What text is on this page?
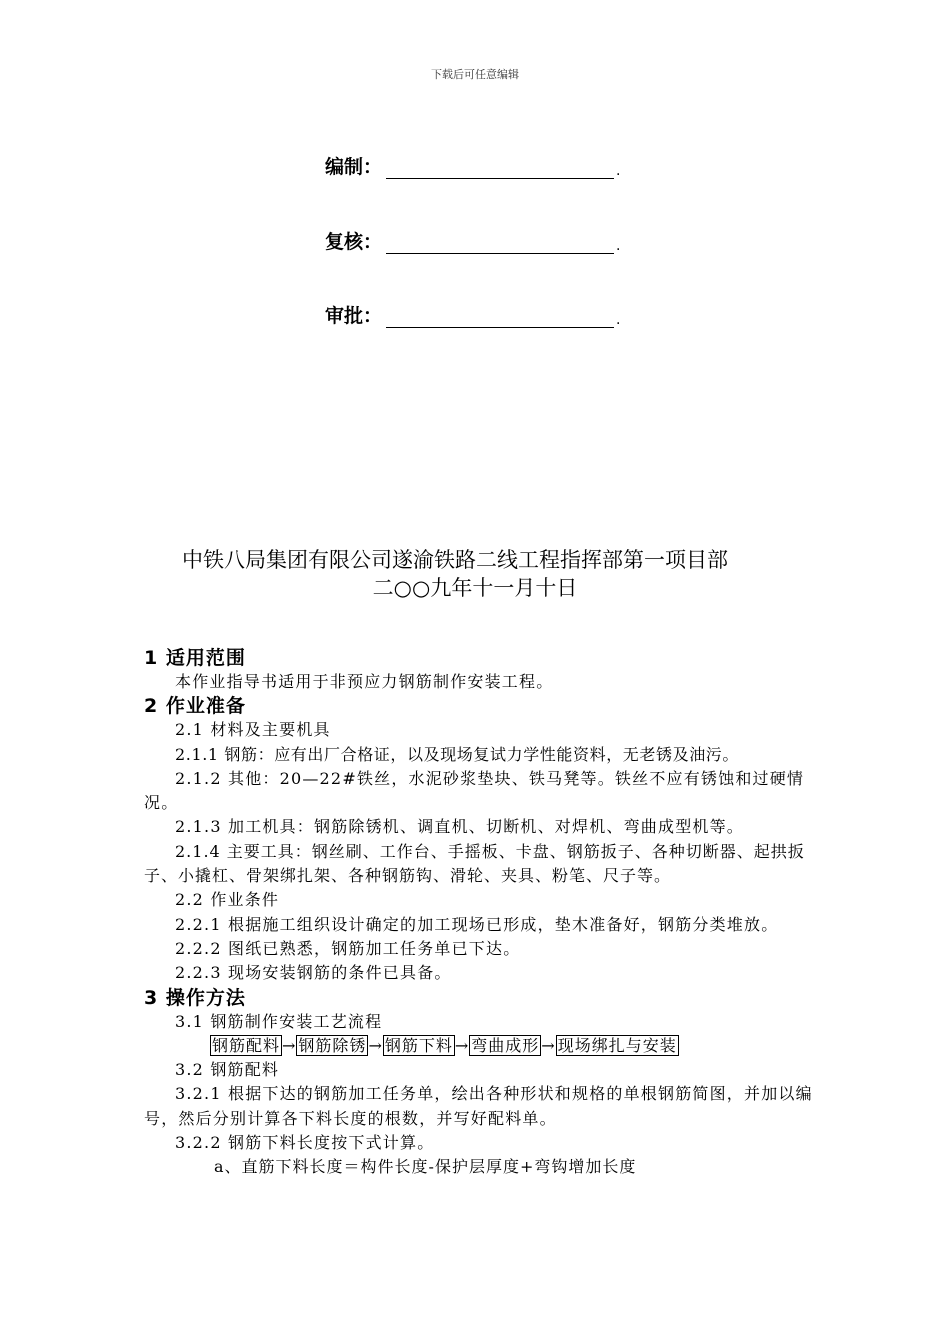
下载后可任意编辑
编制：	.
复核：	.
审批：	.
中铁八局集团有限公司遂渝铁路二线工程指挥部第一项目部
二○○九年十一月十日
1 适用范围
本作业指导书适用于非预应力钢筋制作安装工程。
2 作业准备
2.1 材料及主要机具
2.1.1 钢筋：应有出厂合格证，以及现场复试力学性能资料，无老锈及油污。
2.1.2 其他：20—22#铁丝，水泥砂浆垫块、铁马凳等。铁丝不应有锈蚀和过硬情况。
2.1.3 加工机具：钢筋除锈机、调直机、切断机、对焊机、弯曲成型机等。
2.1.4 主要工具：钢丝刷、工作台、手摇板、卡盘、钢筋扳子、各种切断器、起拱扳子、小撬杠、骨架绑扎架、各种钢筋钩、滑轮、夹具、粉笔、尺子等。
2.2 作业条件
2.2.1 根据施工组织设计确定的加工现场已形成，垫木准备好，钢筋分类堆放。
2.2.2 图纸已熟悉，钢筋加工任务单已下达。
2.2.3 现场安装钢筋的条件已具备。
3 操作方法
3.1 钢筋制作安装工艺流程
钢筋配料 → 钢筋除锈 → 钢筋下料 → 弯曲成形 → 现场绑扎与安装
3.2 钢筋配料
3.2.1 根据下达的钢筋加工任务单，绘出各种形状和规格的单根钢筋简图，并加以编号，然后分别计算各下料长度的根数，并写好配料单。
3.2.2 钢筋下料长度按下式计算。
a、直筋下料长度＝构件长度-保护层厚度+弯钩增加长度
